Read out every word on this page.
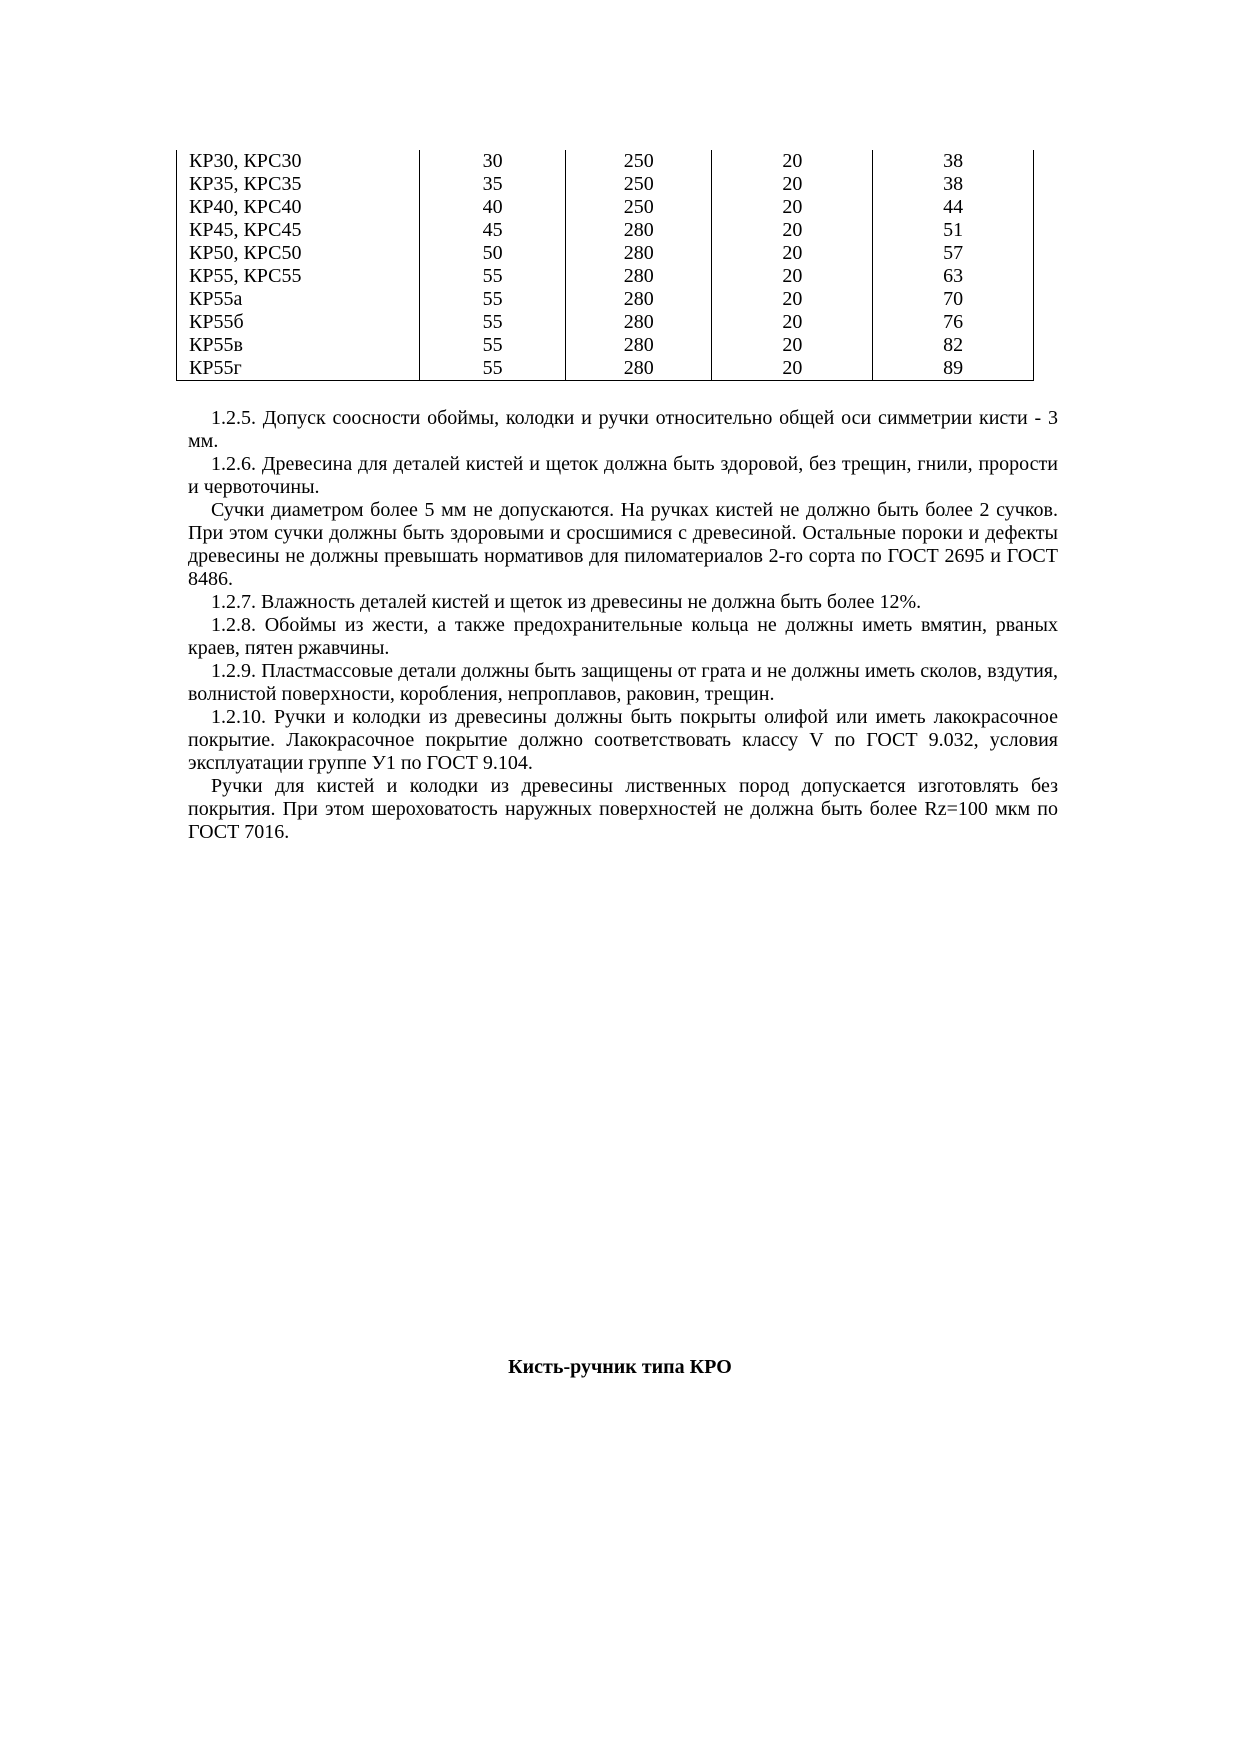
КР30, КРС30	30	250	20	38
КР35, КРС35	35	250	20	38
КР40, КРС40	40	250	20	44
КР45, КРС45	45	280	20	51
КР50, КРС50	50	280	20	57
КР55, КРС55	55	280	20	63
КР55а	55	280	20	70
КР55б	55	280	20	76
КР55в	55	280	20	82
КР55г	55	280	20	89

1.2.5. Допуск соосности обоймы, колодки и ручки относительно общей оси симметрии кисти - 3 мм.

1.2.6. Древесина для деталей кистей и щеток должна быть здоровой, без трещин, гнили, прорости и червоточины.

Сучки диаметром более 5 мм не допускаются. На ручках кистей не должно быть более 2 сучков. При этом сучки должны быть здоровыми и сросшимися с древесиной. Остальные пороки и дефекты древесины не должны превышать нормативов для пиломатериалов 2-го сорта по ГОСТ 2695 и ГОСТ 8486.

1.2.7. Влажность деталей кистей и щеток из древесины не должна быть более 12%.

1.2.8. Обоймы из жести, а также предохранительные кольца не должны иметь вмятин, рваных краев, пятен ржавчины.

1.2.9. Пластмассовые детали должны быть защищены от грата и не должны иметь сколов, вздутия, волнистой поверхности, коробления, непроплавов, раковин, трещин.

1.2.10. Ручки и колодки из древесины должны быть покрыты олифой или иметь лакокрасочное покрытие. Лакокрасочное покрытие должно соответствовать классу V по ГОСТ 9.032, условия эксплуатации группе У1 по ГОСТ 9.104.

Ручки для кистей и колодки из древесины лиственных пород допускается изготовлять без покрытия. При этом шероховатость наружных поверхностей не должна быть более Rz=100 мкм по ГОСТ 7016.

Кисть-ручник типа КРО
